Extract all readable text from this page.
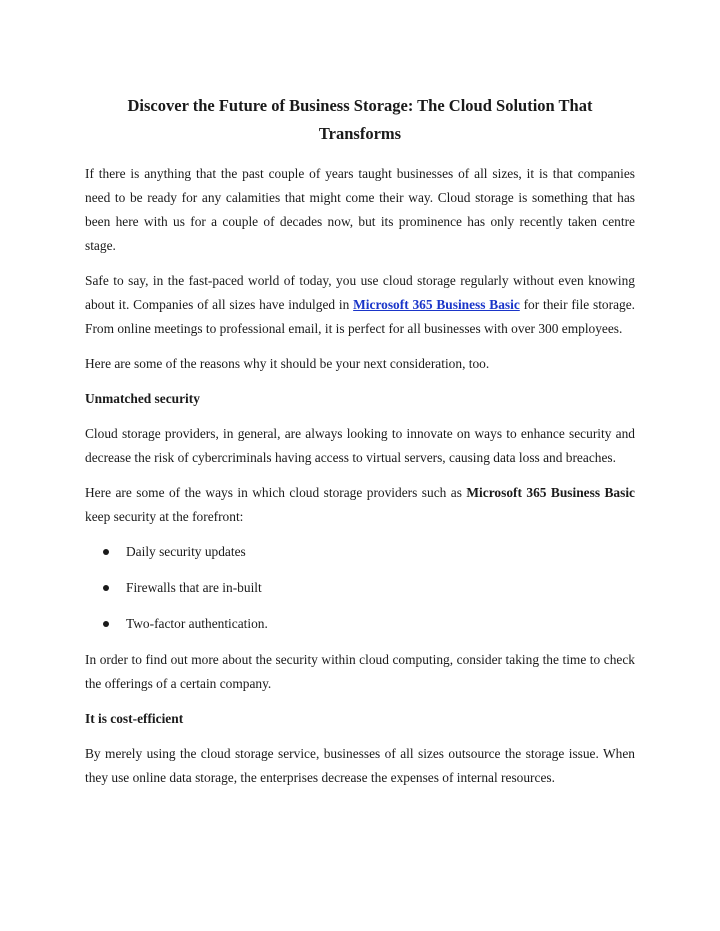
Discover the Future of Business Storage: The Cloud Solution That Transforms

If there is anything that the past couple of years taught businesses of all sizes, it is that companies need to be ready for any calamities that might come their way. Cloud storage is something that has been here with us for a couple of decades now, but its prominence has only recently taken centre stage.

Safe to say, in the fast-paced world of today, you use cloud storage regularly without even knowing about it. Companies of all sizes have indulged in Microsoft 365 Business Basic for their file storage. From online meetings to professional email, it is perfect for all businesses with over 300 employees.

Here are some of the reasons why it should be your next consideration, too.

Unmatched security

Cloud storage providers, in general, are always looking to innovate on ways to enhance security and decrease the risk of cybercriminals having access to virtual servers, causing data loss and breaches.

Here are some of the ways in which cloud storage providers such as Microsoft 365 Business Basic keep security at the forefront:

Daily security updates
Firewalls that are in-built
Two-factor authentication.

In order to find out more about the security within cloud computing, consider taking the time to check the offerings of a certain company.

It is cost-efficient

By merely using the cloud storage service, businesses of all sizes outsource the storage issue. When they use online data storage, the enterprises decrease the expenses of internal resources.
